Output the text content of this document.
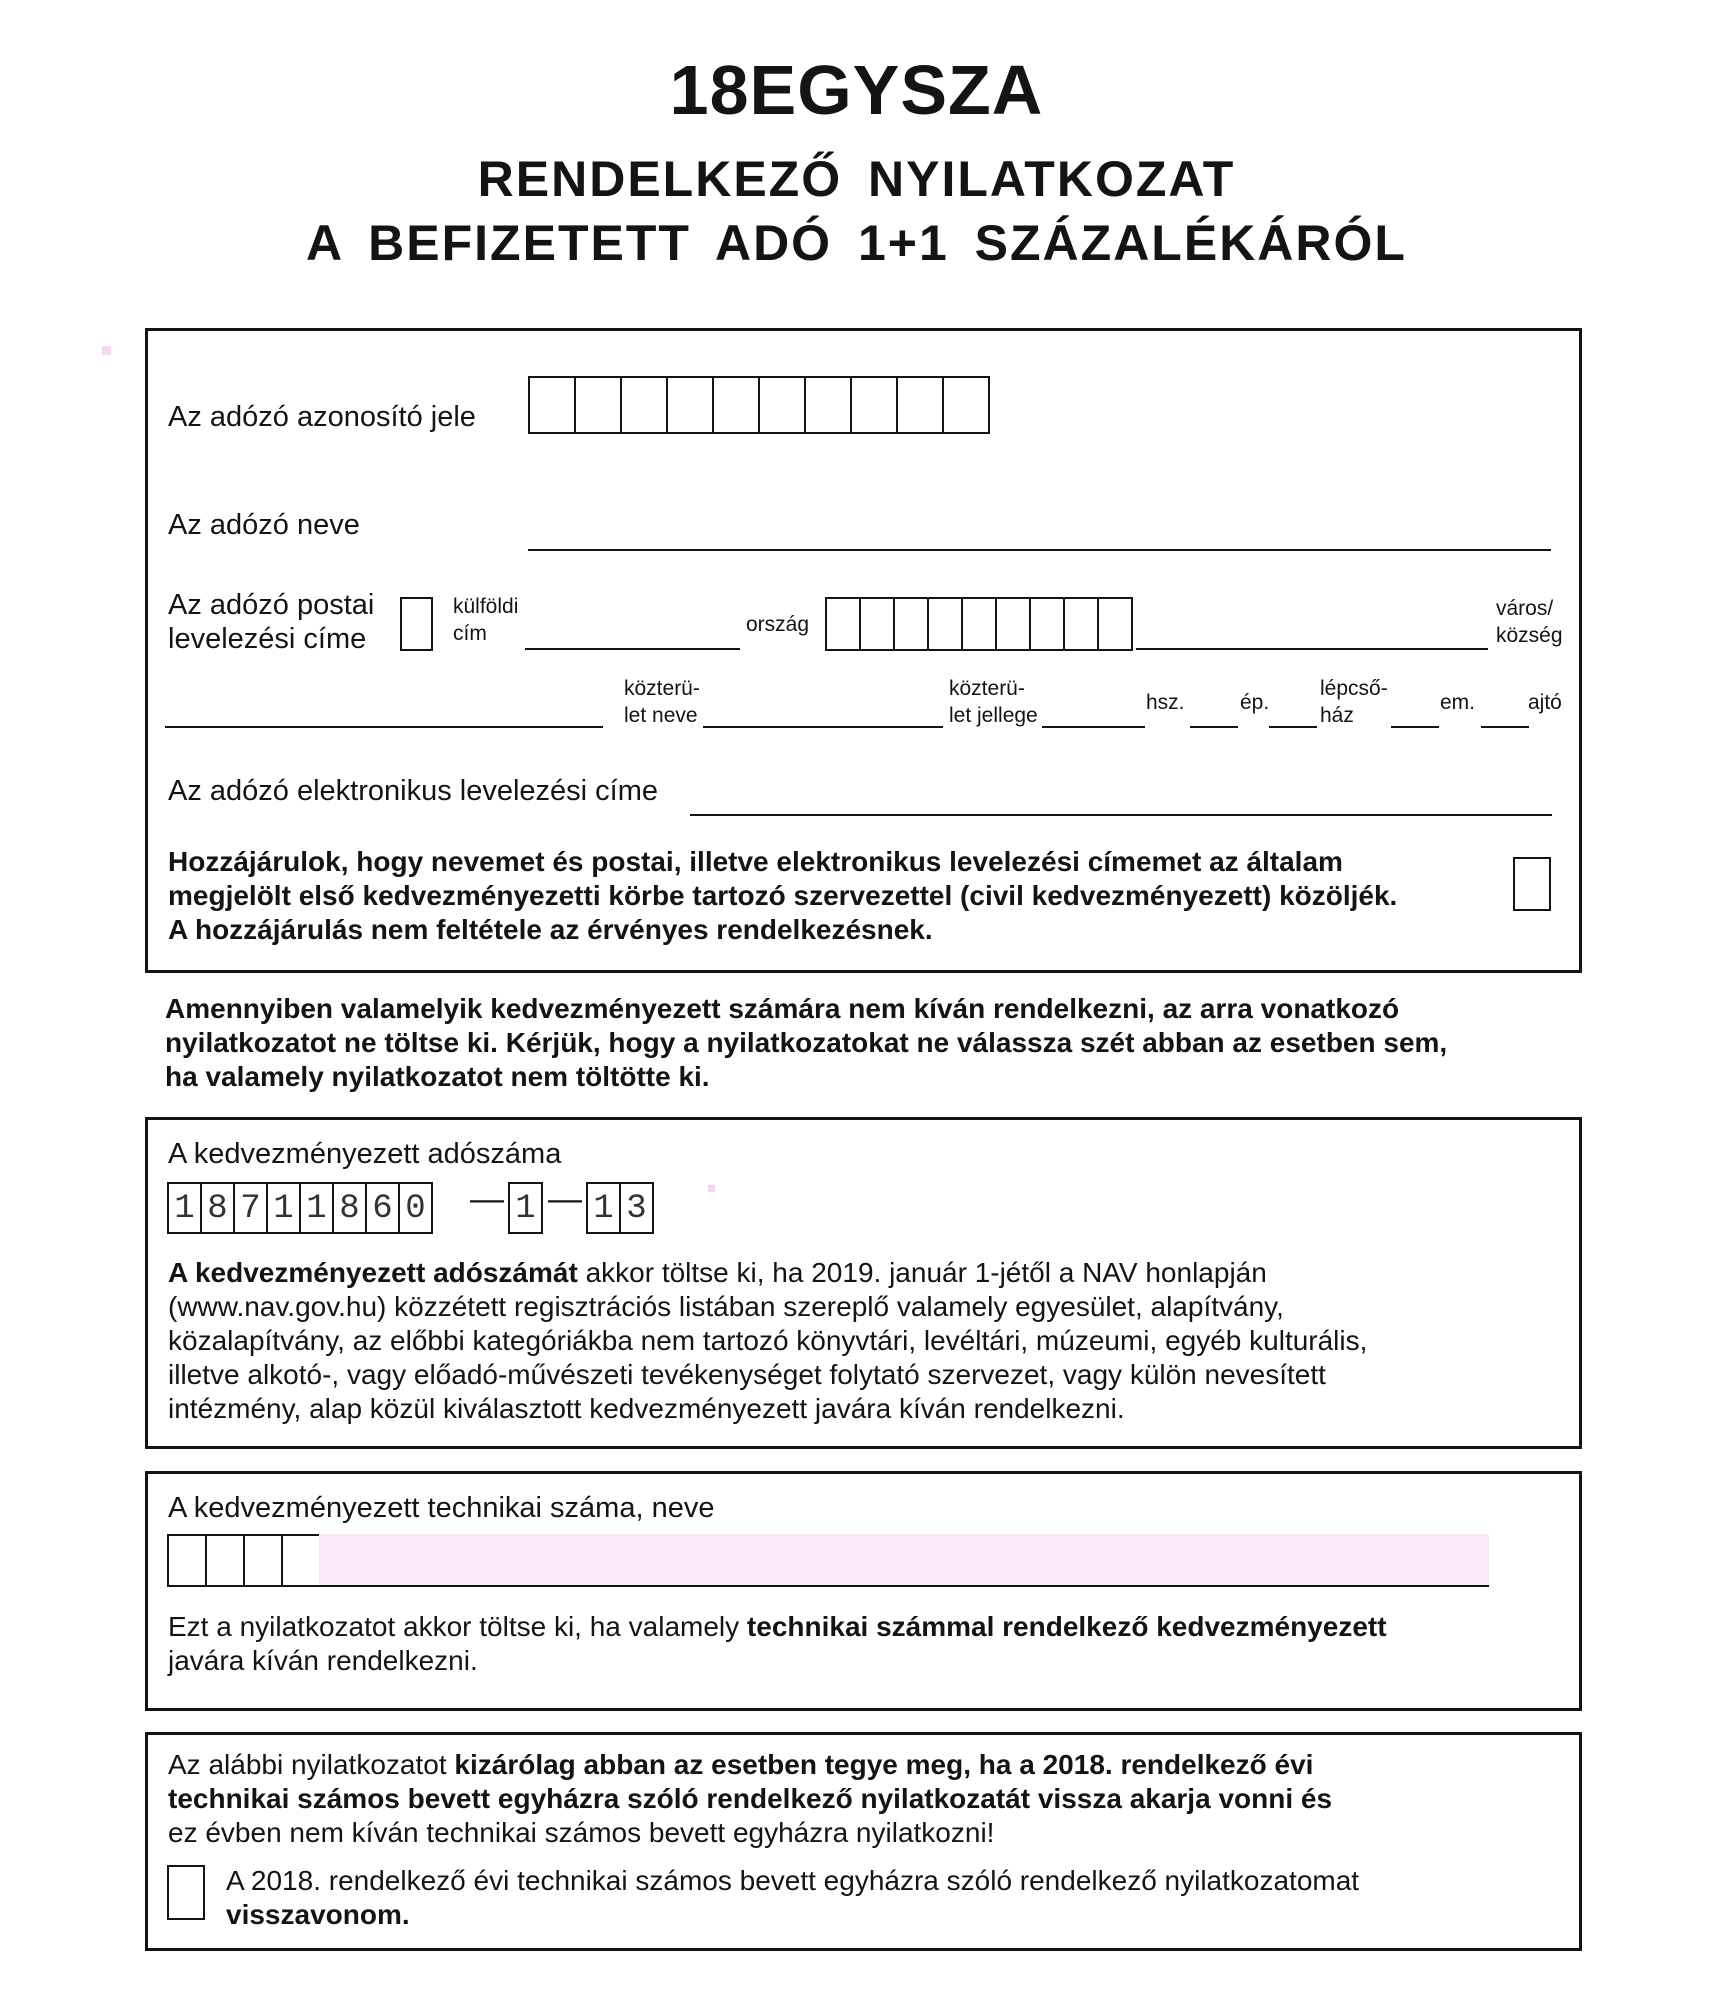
18EGYSZA
RENDELKEZŐ NYILATKOZAT
A BEFIZETETT ADÓ 1+1 SZÁZALÉKÁRÓL
Az adózó azonosító jele
Az adózó neve
Az adózó postai
levelezési címe
külföldi
cím	ország
város/
község
közterü-
let neve
közterü-
let jellege
hsz.	ép.
lépcső-
ház
em.	ajtó
Az adózó elektronikus levelezési címe
Hozzájárulok, hogy nevemet és postai, illetve elektronikus levelezési címemet az általam
megjelölt első kedvezményezetti körbe tartozó szervezettel (civil kedvezményezett) közöljék.
A hozzájárulás nem feltétele az érvényes rendelkezésnek.
Amennyiben valamelyik kedvezményezett számára nem kíván rendelkezni, az arra vonatkozó
nyilatkozatot ne töltse ki. Kérjük, hogy a nyilatkozatokat ne válassza szét abban az esetben sem,
ha valamely nyilatkozatot nem töltötte ki.
A kedvezményezett adószáma
1 8 7 1 1 8 6 0 — 1 — 1 3
A kedvezményezett adószámát akkor töltse ki, ha 2019. január 1-jétől a NAV honlapján
(www.nav.gov.hu) közzétett regisztrációs listában szereplő valamely egyesület, alapítvány,
közalapítvány, az előbbi kategóriákba nem tartozó könyvtári, levéltári, múzeumi, egyéb kulturális,
illetve alkotó-, vagy előadó-művészeti tevékenységet folytató szervezet, vagy külön nevesített
intézmény, alap közül kiválasztott kedvezményezett javára kíván rendelkezni.
A kedvezményezett technikai száma, neve
Ezt a nyilatkozatot akkor töltse ki, ha valamely technikai számmal rendelkező kedvezményezett
javára kíván rendelkezni.
Az alábbi nyilatkozatot kizárólag abban az esetben tegye meg, ha a 2018. rendelkező évi
technikai számos bevett egyházra szóló rendelkező nyilatkozatát vissza akarja vonni és
ez évben nem kíván technikai számos bevett egyházra nyilatkozni!
A 2018. rendelkező évi technikai számos bevett egyházra szóló rendelkező nyilatkozatomat
visszavonom.
